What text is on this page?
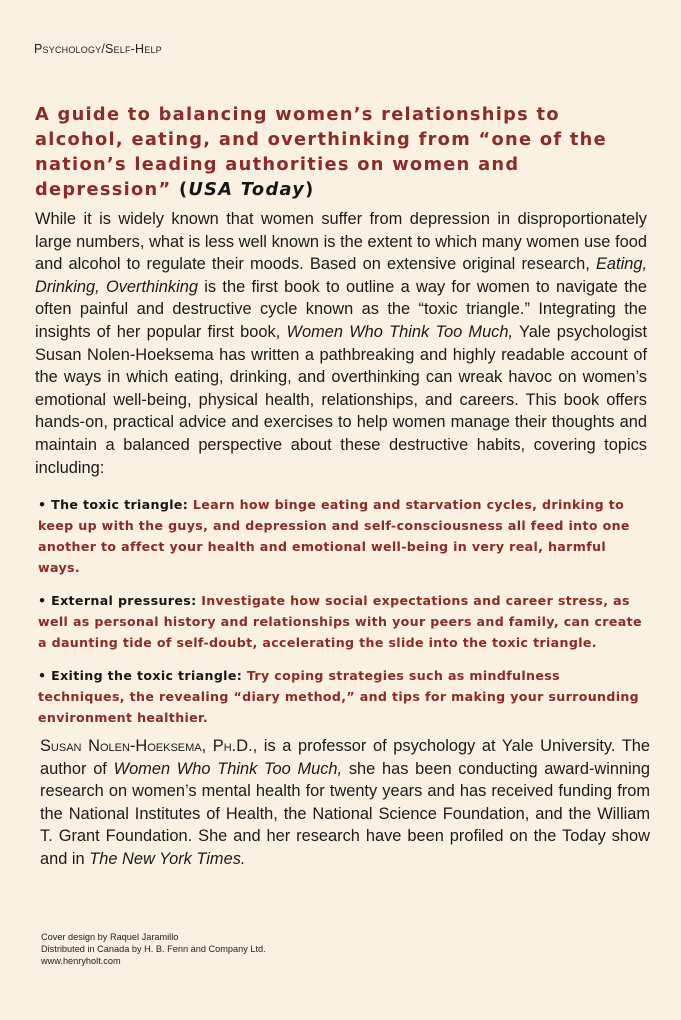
Psychology/Self-Help
A guide to balancing women’s relationships to alcohol, eating, and overthinking from “one of the nation’s leading authorities on women and depression” (USA Today)

While it is widely known that women suffer from depression in disproportionately large numbers, what is less well known is the extent to which many women use food and alcohol to regulate their moods. Based on extensive original research, Eating, Drinking, Overthinking is the first book to outline a way for women to navigate the often painful and destructive cycle known as the “toxic triangle.” Integrating the insights of her popular first book, Women Who Think Too Much, Yale psychologist Susan Nolen-Hoeksema has written a pathbreaking and highly readable account of the ways in which eating, drinking, and overthinking can wreak havoc on women’s emotional well-being, physical health, relationships, and careers. This book offers hands-on, practical advice and exercises to help women manage their thoughts and maintain a balanced perspective about these destructive habits, covering topics including:

• The toxic triangle: Learn how binge eating and starvation cycles, drinking to keep up with the guys, and depression and self-consciousness all feed into one another to affect your health and emotional well-being in very real, harmful ways.
• External pressures: Investigate how social expectations and career stress, as well as personal history and relationships with your peers and family, can create a daunting tide of self-doubt, accelerating the slide into the toxic triangle.
• Exiting the toxic triangle: Try coping strategies such as mindfulness techniques, the revealing “diary method,” and tips for making your surrounding environment healthier.

Susan Nolen-Hoeksema, Ph.D., is a professor of psychology at Yale University. The author of Women Who Think Too Much, she has been conducting award-winning research on women’s mental health for twenty years and has received funding from the National Institutes of Health, the National Science Foundation, and the William T. Grant Foundation. She and her research have been profiled on the Today show and in The New York Times.

Cover design by Raquel Jaramillo
Distributed in Canada by H. B. Fenn and Company Ltd.
www.henryholt.com
